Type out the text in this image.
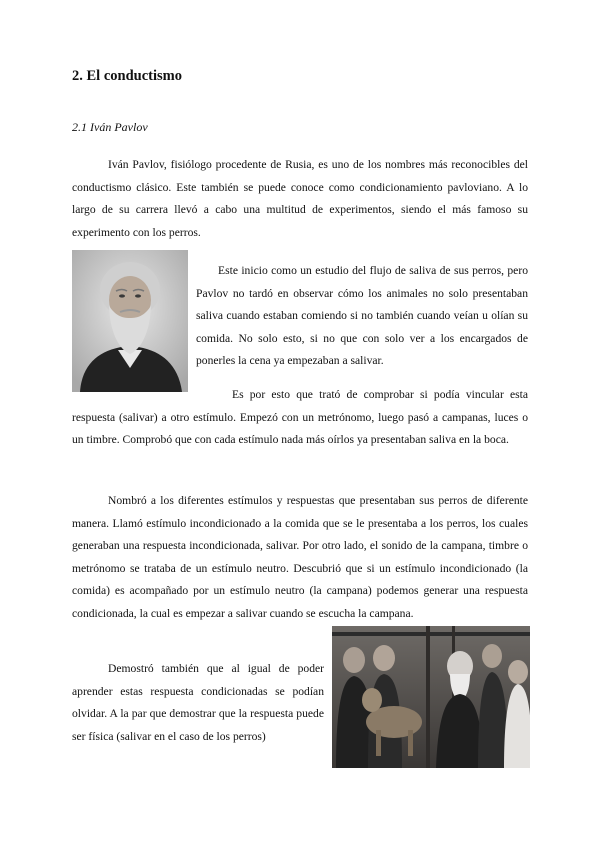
2. El conductismo

2.1 Iván Pavlov

Iván Pavlov, fisiólogo procedente de Rusia, es uno de los nombres más reconocibles del conductismo clásico. Este también se puede conoce como condicionamiento pavloviano. A lo largo de su carrera llevó a cabo una multitud de experimentos, siendo el más famoso su experimento con los perros.

Este inicio como un estudio del flujo de saliva de sus perros, pero Pavlov no tardó en observar cómo los animales no solo presentaban saliva cuando estaban comiendo si no también cuando veían u olían su comida. No solo esto, si no que con solo ver a los encargados de ponerles la cena ya empezaban a salivar.

Es por esto que trató de comprobar si podía vincular esta respuesta (salivar) a otro estímulo. Empezó con un metrónomo, luego pasó a campanas, luces o un timbre. Comprobó que con cada estímulo nada más oírlos ya presentaban saliva en la boca.

Nombró a los diferentes estímulos y respuestas que presentaban sus perros de diferente manera. Llamó estímulo incondicionado a la comida que se le presentaba a los perros, los cuales generaban una respuesta incondicionada, salivar. Por otro lado, el sonido de la campana, timbre o metrónomo se trataba de un estímulo neutro. Descubrió que si un estímulo incondicionado (la comida) es acompañado por un estímulo neutro (la campana) podemos generar una respuesta condicionada, la cual es empezar a salivar cuando se escucha la campana.

Demostró también que al igual de poder aprender estas respuesta condicionadas se podían olvidar. A la par que demostrar que la respuesta puede ser física (salivar en el caso de los perros)
